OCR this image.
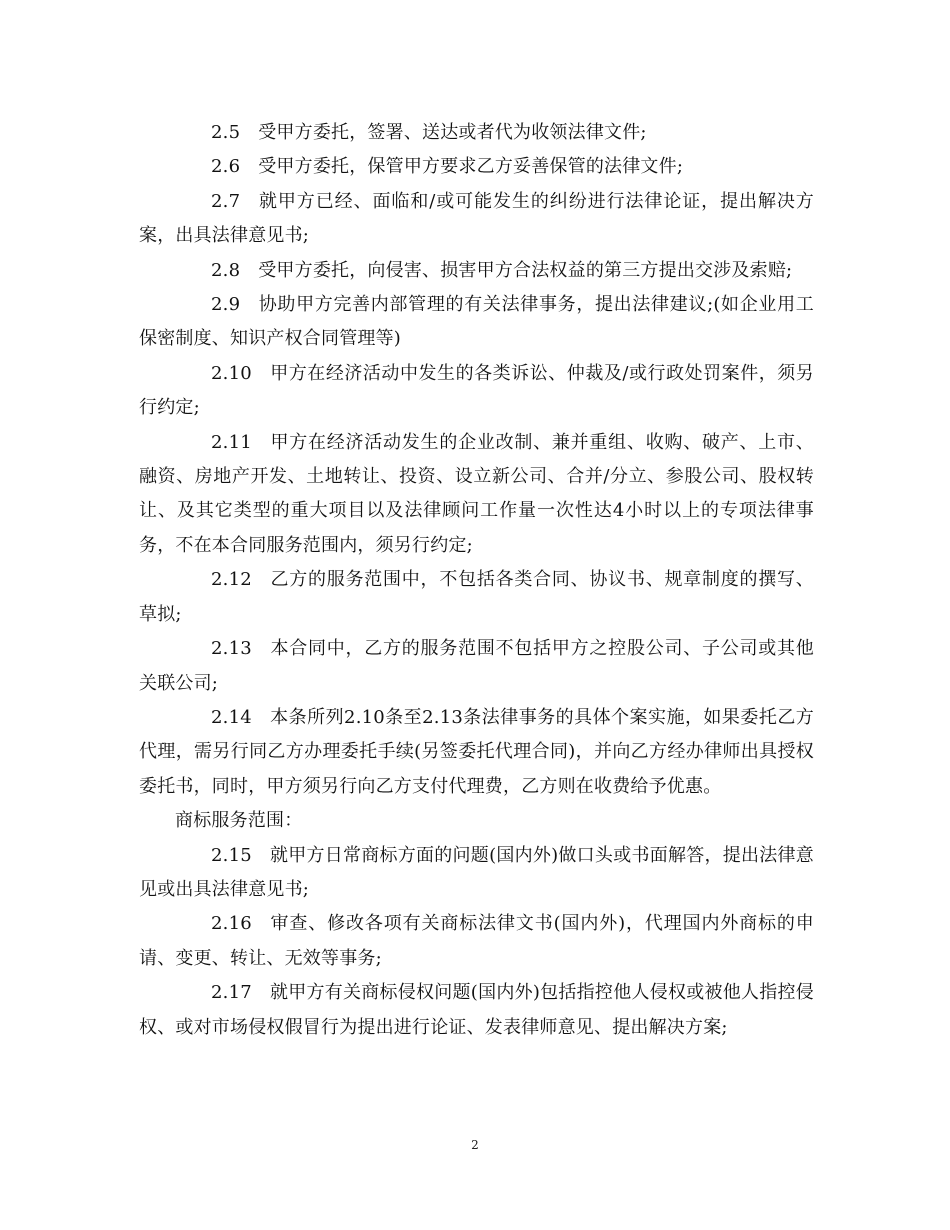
2.5 受甲方委托，签署、送达或者代为收领法律文件;

2.6 受甲方委托，保管甲方要求乙方妥善保管的法律文件;

2.7 就甲方已经、面临和/或可能发生的纠纷进行法律论证，提出解决方案，出具法律意见书;

2.8 受甲方委托，向侵害、损害甲方合法权益的第三方提出交涉及索赔;

2.9 协助甲方完善内部管理的有关法律事务，提出法律建议;(如企业用工保密制度、知识产权合同管理等)

2.10 甲方在经济活动中发生的各类诉讼、仲裁及/或行政处罚案件，须另行约定;

2.11 甲方在经济活动发生的企业改制、兼并重组、收购、破产、上市、融资、房地产开发、土地转让、投资、设立新公司、合并/分立、参股公司、股权转让、及其它类型的重大项目以及法律顾问工作量一次性达4小时以上的专项法律事务，不在本合同服务范围内，须另行约定;

2.12 乙方的服务范围中，不包括各类合同、协议书、规章制度的撰写、草拟;

2.13 本合同中，乙方的服务范围不包括甲方之控股公司、子公司或其他关联公司;

2.14 本条所列2.10条至2.13条法律事务的具体个案实施，如果委托乙方代理，需另行同乙方办理委托手续(另签委托代理合同)，并向乙方经办律师出具授权委托书，同时，甲方须另行向乙方支付代理费，乙方则在收费给予优惠。

商标服务范围：

2.15 就甲方日常商标方面的问题(国内外)做口头或书面解答，提出法律意见或出具法律意见书;

2.16 审查、修改各项有关商标法律文书(国内外)，代理国内外商标的申请、变更、转让、无效等事务;

2.17 就甲方有关商标侵权问题(国内外)包括指控他人侵权或被他人指控侵权、或对市场侵权假冒行为提出进行论证、发表律师意见、提出解决方案;

2
